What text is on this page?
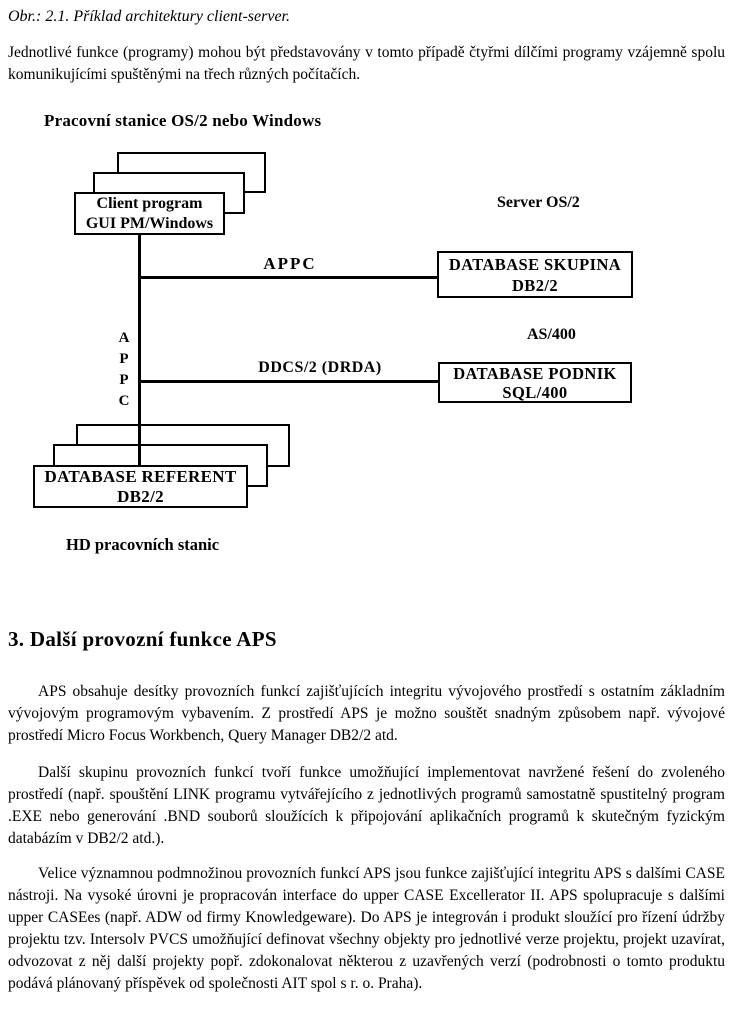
Obr.: 2.1. Příklad architektury client-server.
Jednotlivé funkce (programy) mohou být představovány v tomto případě čtyřmi dílčími programy vzájemně spolu komunikujícími spuštěnými na třech různých počítačích.
Pracovní stanice OS/2 nebo Windows
Client program
GUI PM/Windows
Server OS/2
APPC
DDCS/2 (DRDA)
A
P
P
C
DATABASE SKUPINA
DB2/2
AS/400
DATABASE PODNIK
SQL/400
DATABASE REFERENT
DB2/2
HD pracovních stanic
3. Další provozní funkce APS
APS obsahuje desítky provozních funkcí zajišťujících integritu vývojového prostředí s ostatním základním vývojovým programovým vybavením. Z prostředí APS je možno souštět snadným způsobem např. vývojové prostředí Micro Focus Workbench, Query Manager DB2/2 atd.
Další skupinu provozních funkcí tvoří funkce umožňující implementovat navržené řešení do zvoleného prostředí (např. spouštění LINK programu vytvářejícího z jednotlivých programů samostatně spustitelný program .EXE nebo generování .BND souborů sloužících k připojování aplikačních programů k skutečným fyzickým databázím v DB2/2 atd.).
Velice významnou podmnožinou provozních funkcí APS jsou funkce zajišťující integritu APS s dalšími CASE nástroji. Na vysoké úrovni je propracován interface do upper CASE Excellerator II. APS spolupracuje s dalšími upper CASEes (např. ADW od firmy Knowledgeware). Do APS je integrován i produkt sloužící pro řízení údržby projektu tzv. Intersolv PVCS umožňující definovat všechny objekty pro jednotlivé verze projektu, projekt uzavírat, odvozovat z něj další projekty popř. zdokonalovat některou z uzavřených verzí (podrobnosti o tomto produktu podává plánovaný příspěvek od společnosti AIT spol s r. o. Praha).
